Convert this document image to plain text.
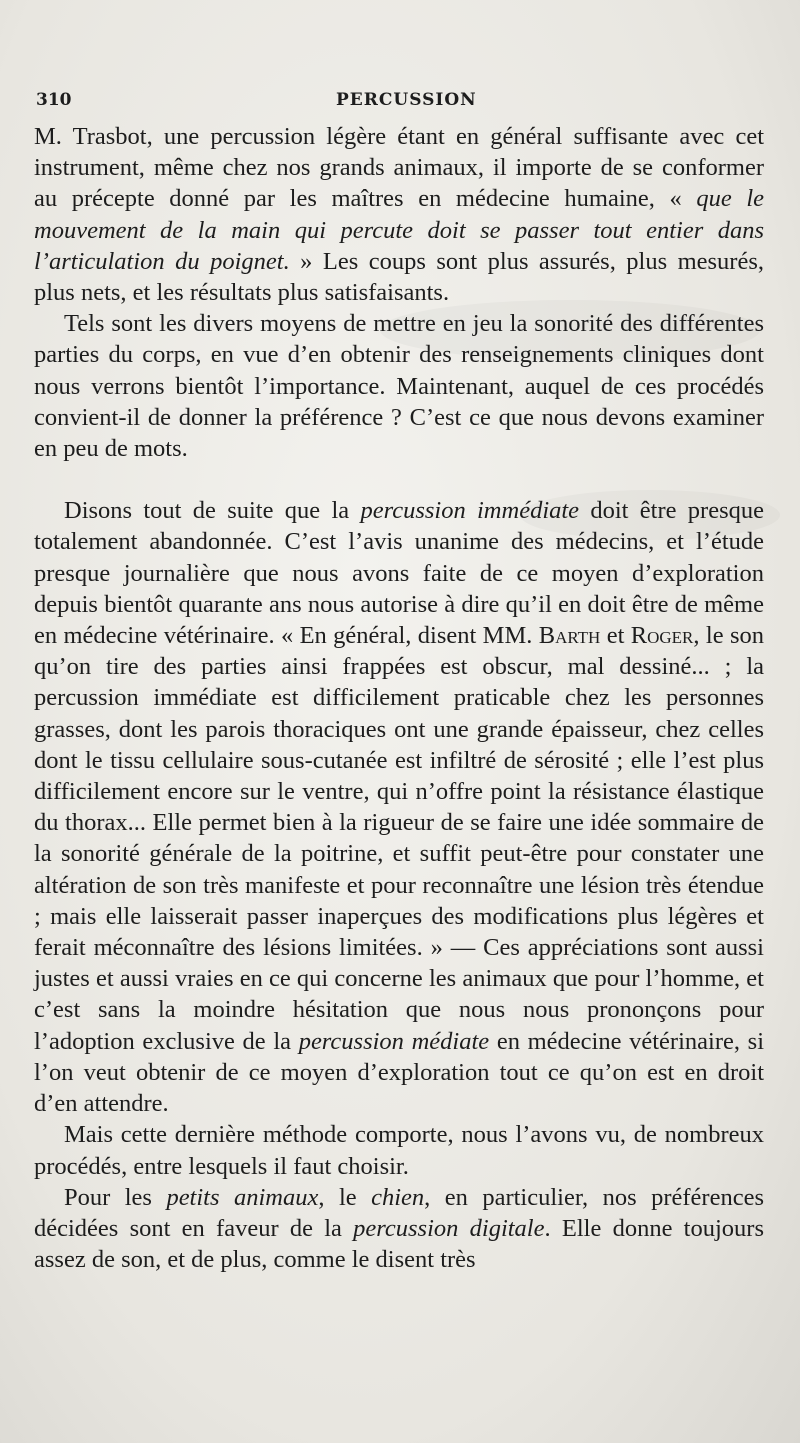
310	PERCUSSION

M. Trasbot, une percussion légère étant en général suffisante avec cet instrument, même chez nos grands animaux, il importe de se conformer au précepte donné par les maîtres en médecine humaine, « que le mouvement de la main qui percute doit se passer tout entier dans l’articulation du poignet. » Les coups sont plus assurés, plus mesurés, plus nets, et les résultats plus satisfaisants.

Tels sont les divers moyens de mettre en jeu la sonorité des différentes parties du corps, en vue d’en obtenir des renseignements cliniques dont nous verrons bientôt l’importance. Maintenant, auquel de ces procédés convient-il de donner la préférence ? C’est ce que nous devons examiner en peu de mots.

Disons tout de suite que la percussion immédiate doit être presque totalement abandonnée. C’est l’avis unanime des médecins, et l’étude presque journalière que nous avons faite de ce moyen d’exploration depuis bientôt quarante ans nous autorise à dire qu’il en doit être de même en médecine vétérinaire. « En général, disent MM. Barth et Roger, le son qu’on tire des parties ainsi frappées est obscur, mal dessiné... ; la percussion immédiate est difficilement praticable chez les personnes grasses, dont les parois thoraciques ont une grande épaisseur, chez celles dont le tissu cellulaire sous-cutanée est infiltré de sérosité ; elle l’est plus difficilement encore sur le ventre, qui n’offre point la résistance élastique du thorax... Elle permet bien à la rigueur de se faire une idée sommaire de la sonorité générale de la poitrine, et suffit peut-être pour constater une altération de son très manifeste et pour reconnaître une lésion très étendue ; mais elle laisserait passer inaperçues des modifications plus légères et ferait méconnaître des lésions limitées. » — Ces appréciations sont aussi justes et aussi vraies en ce qui concerne les animaux que pour l’homme, et c’est sans la moindre hésitation que nous nous prononçons pour l’adoption exclusive de la percussion médiate en médecine vétérinaire, si l’on veut obtenir de ce moyen d’exploration tout ce qu’on est en droit d’en attendre.

Mais cette dernière méthode comporte, nous l’avons vu, de nombreux procédés, entre lesquels il faut choisir.

Pour les petits animaux, le chien, en particulier, nos préférences décidées sont en faveur de la percussion digitale. Elle donne toujours assez de son, et de plus, comme le disent très
